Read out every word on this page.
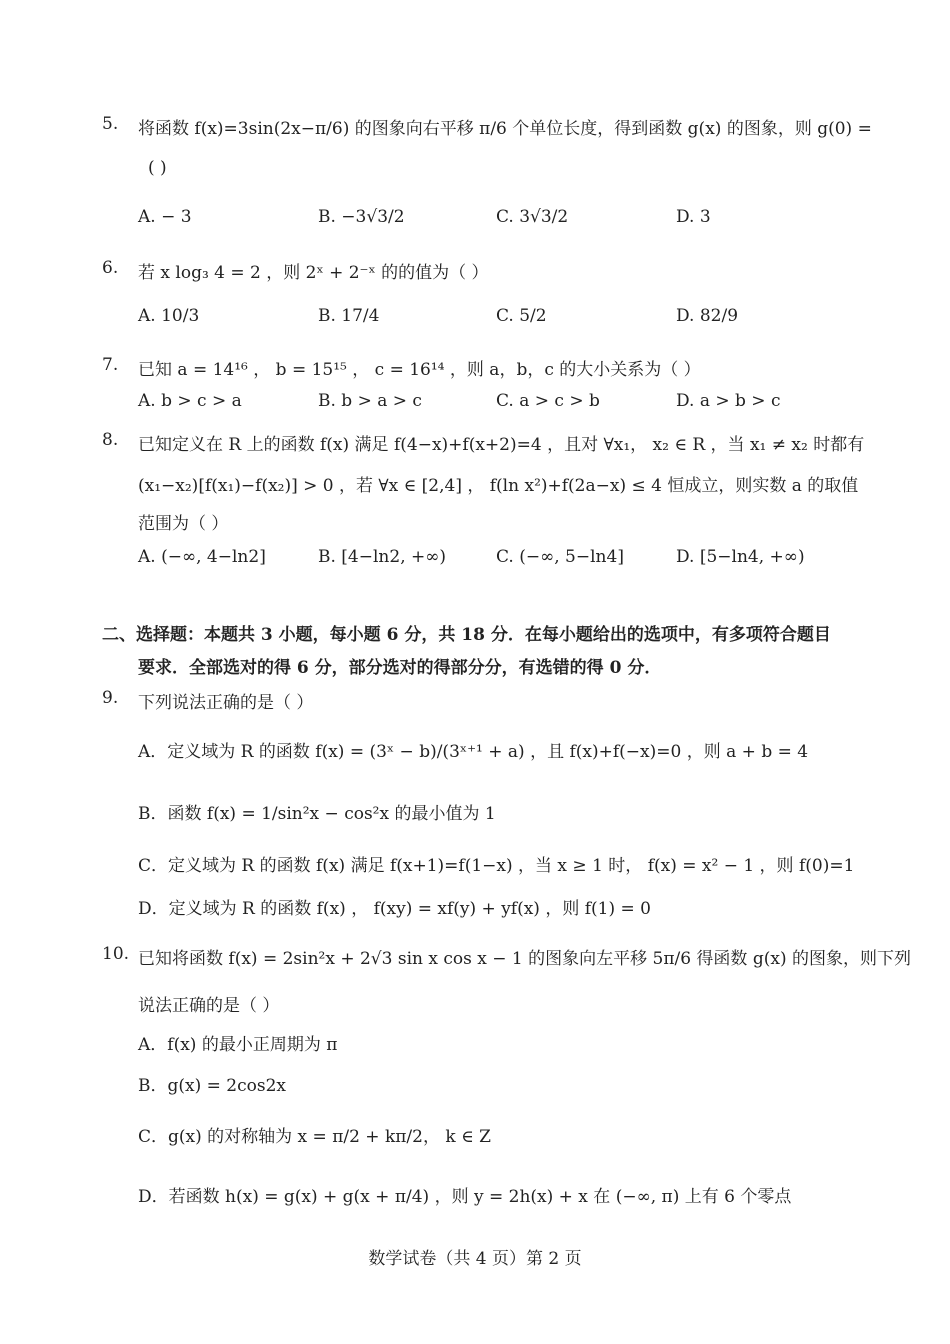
5. 将函数 f(x)=3sin(2x−π/6) 的图象向右平移 π/6 个单位长度，得到函数 g(x) 的图象，则 g(0) =
( )
A. − 3	B. −3√3/2	C. 3√3/2	D. 3
6. 若 x log₃ 4 = 2 ，则 2ˣ + 2⁻ˣ 的的值为（ ）
A. 10/3	B. 17/4	C. 5/2	D. 82/9
7. 已知 a = 14¹⁶ ， b = 15¹⁵ ， c = 16¹⁴ ，则 a，b，c 的大小关系为（ ）
A. b > c > a	B. b > a > c	C. a > c > b	D. a > b > c
8. 已知定义在 R 上的函数 f(x) 满足 f(4−x)+f(x+2)=4 ，且对 ∀x₁， x₂ ∈ R ，当 x₁ ≠ x₂ 时都有
(x₁−x₂)[f(x₁)−f(x₂)] > 0 ，若 ∀x ∈ [2,4] ， f(ln x²)+f(2a−x) ≤ 4 恒成立，则实数 a 的取值
范围为（ ）
A. (−∞, 4−ln2]	B. [4−ln2, +∞)	C. (−∞, 5−ln4]	D. [5−ln4, +∞)
二、选择题：本题共 3 小题，每小题 6 分，共 18 分．在每小题给出的选项中，有多项符合题目
要求．全部选对的得 6 分，部分选对的得部分分，有选错的得 0 分．
9. 下列说法正确的是（ ）
A．定义域为 R 的函数 f(x) = (3ˣ − b)/(3ˣ⁺¹ + a) ，且 f(x)+f(−x)=0 ，则 a + b = 4
B．函数 f(x) = 1/sin²x − cos²x 的最小值为 1
C．定义域为 R 的函数 f(x) 满足 f(x+1)=f(1−x) ，当 x ≥ 1 时， f(x) = x² − 1 ，则 f(0)=1
D．定义域为 R 的函数 f(x) ， f(xy) = xf(y) + yf(x) ，则 f(1) = 0
10. 已知将函数 f(x) = 2sin²x + 2√3 sin x cos x − 1 的图象向左平移 5π/6 得函数 g(x) 的图象，则下列
说法正确的是（ ）
A．f(x) 的最小正周期为 π
B．g(x) = 2cos2x
C．g(x) 的对称轴为 x = π/2 + kπ/2， k ∈ Z
D．若函数 h(x) = g(x) + g(x + π/4) ，则 y = 2h(x) + x 在 (−∞, π) 上有 6 个零点
数学试卷（共 4 页）第 2 页
